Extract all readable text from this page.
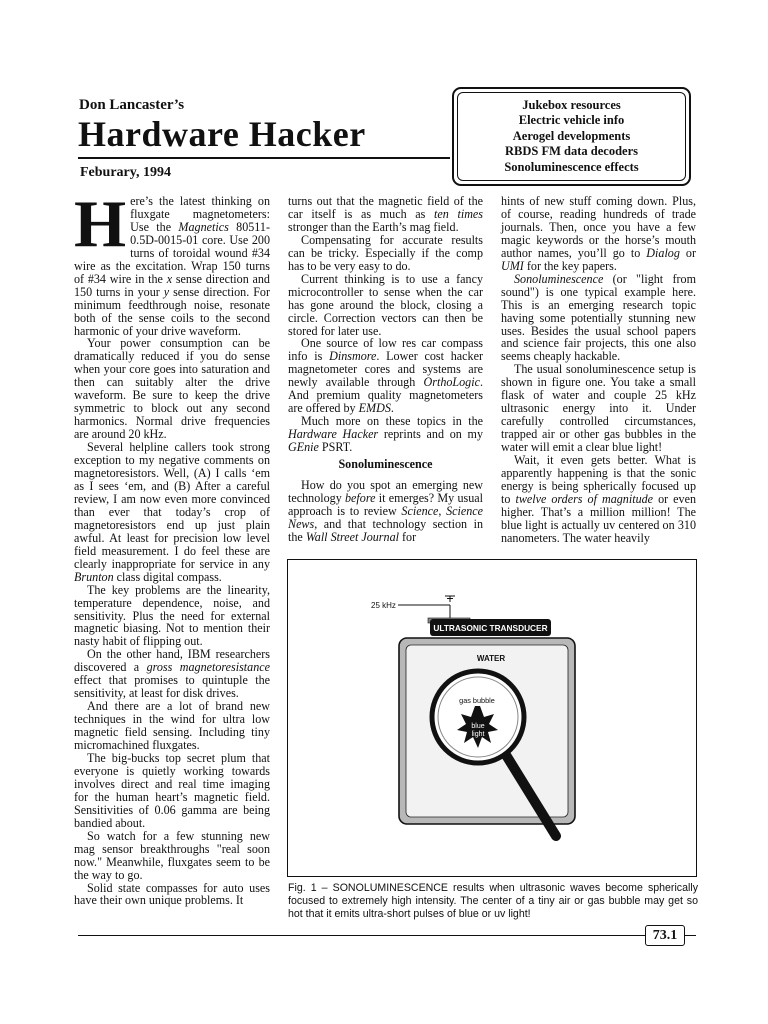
Don Lancaster’s
Hardware Hacker
Feburary, 1994
Jukebox resources
Electric vehicle info
Aerogel developments
RBDS FM data decoders
Sonoluminescence effects

Here’s the latest thinking on fluxgate magnetometers: Use the Magnetics 80511-0.5D-0015-01 core. Use 200 turns of toroidal wound #34 wire as the excitation. Wrap 150 turns of #34 wire in the x sense direction and 150 turns in your y sense direction. For minimum feedthrough noise, resonate both of the sense coils to the second harmonic of your drive waveform.

Your power consumption can be dramatically reduced if you do sense when your core goes into saturation and then can suitably alter the drive waveform. Be sure to keep the drive symmetric to block out any second harmonics. Normal drive frequencies are around 20 kHz.

Several helpline callers took strong exception to my negative comments on magnetoresistors. Well, (A) I calls ‘em as I sees ‘em, and (B) After a careful review, I am now even more convinced than ever that today’s crop of magnetoresistors end up just plain awful. At least for precision low level field measurement. I do feel these are clearly inappropriate for service in any Brunton class digital compass.

The key problems are the linearity, temperature dependence, noise, and sensitivity. Plus the need for external magnetic biasing. Not to mention their nasty habit of flipping out.

On the other hand, IBM researchers discovered a gross magnetoresistance effect that promises to quintuple the sensitivity, at least for disk drives.

And there are a lot of brand new techniques in the wind for ultra low magnetic field sensing. Including tiny micromachined fluxgates.

The big-bucks top secret plum that everyone is quietly working towards involves direct and real time imaging for the human heart’s magnetic field. Sensitivities of 0.06 gamma are being bandied about.

So watch for a few stunning new mag sensor breakthroughs "real soon now." Meanwhile, fluxgates seem to be the way to go.

Solid state compasses for auto uses have their own unique problems. It

turns out that the magnetic field of the car itself is as much as ten times stronger than the Earth’s mag field.

Compensating for accurate results can be tricky. Especially if the comp has to be very easy to do.

Current thinking is to use a fancy microcontroller to sense when the car has gone around the block, closing a circle. Correction vectors can then be stored for later use.

One source of low res car compass info is Dinsmore. Lower cost hacker magnetometer cores and systems are newly available through OrthoLogic. And premium quality magnetometers are offered by EMDS.

Much more on these topics in the Hardware Hacker reprints and on my GEnie PSRT.

Sonoluminescence

How do you spot an emerging new technology before it emerges? My usual approach is to review Science, Science News, and that technology section in the Wall Street Journal for

hints of new stuff coming down. Plus, of course, reading hundreds of trade journals. Then, once you have a few magic keywords or the horse’s mouth author names, you’ll go to Dialog or UMI for the key papers.

Sonoluminescence (or "light from sound") is one typical example here. This is an emerging research topic having some potentially stunning new uses. Besides the usual school papers and science fair projects, this one also seems cheaply hackable.

The usual sonoluminescence setup is shown in figure one. You take a small flask of water and couple 25 kHz ultrasonic energy into it. Under carefully controlled circumstances, trapped air or other gas bubbles in the water will emit a clear blue light!

Wait, it even gets better. What is apparently happening is that the sonic energy is being spherically focused up to twelve orders of magnitude or even higher. That’s a million million! The blue light is actually uv centered on 310 nanometers. The water heavily

25 kHz
ULTRASONIC TRANSDUCER
WATER
gas bubble
blue
light
Fig. 1 – SONOLUMINESCENCE results when ultrasonic waves become spherically focused to extremely high intensity. The center of a tiny air or gas bubble may get so hot that it emits ultra-short pulses of blue or uv light!
73.1
